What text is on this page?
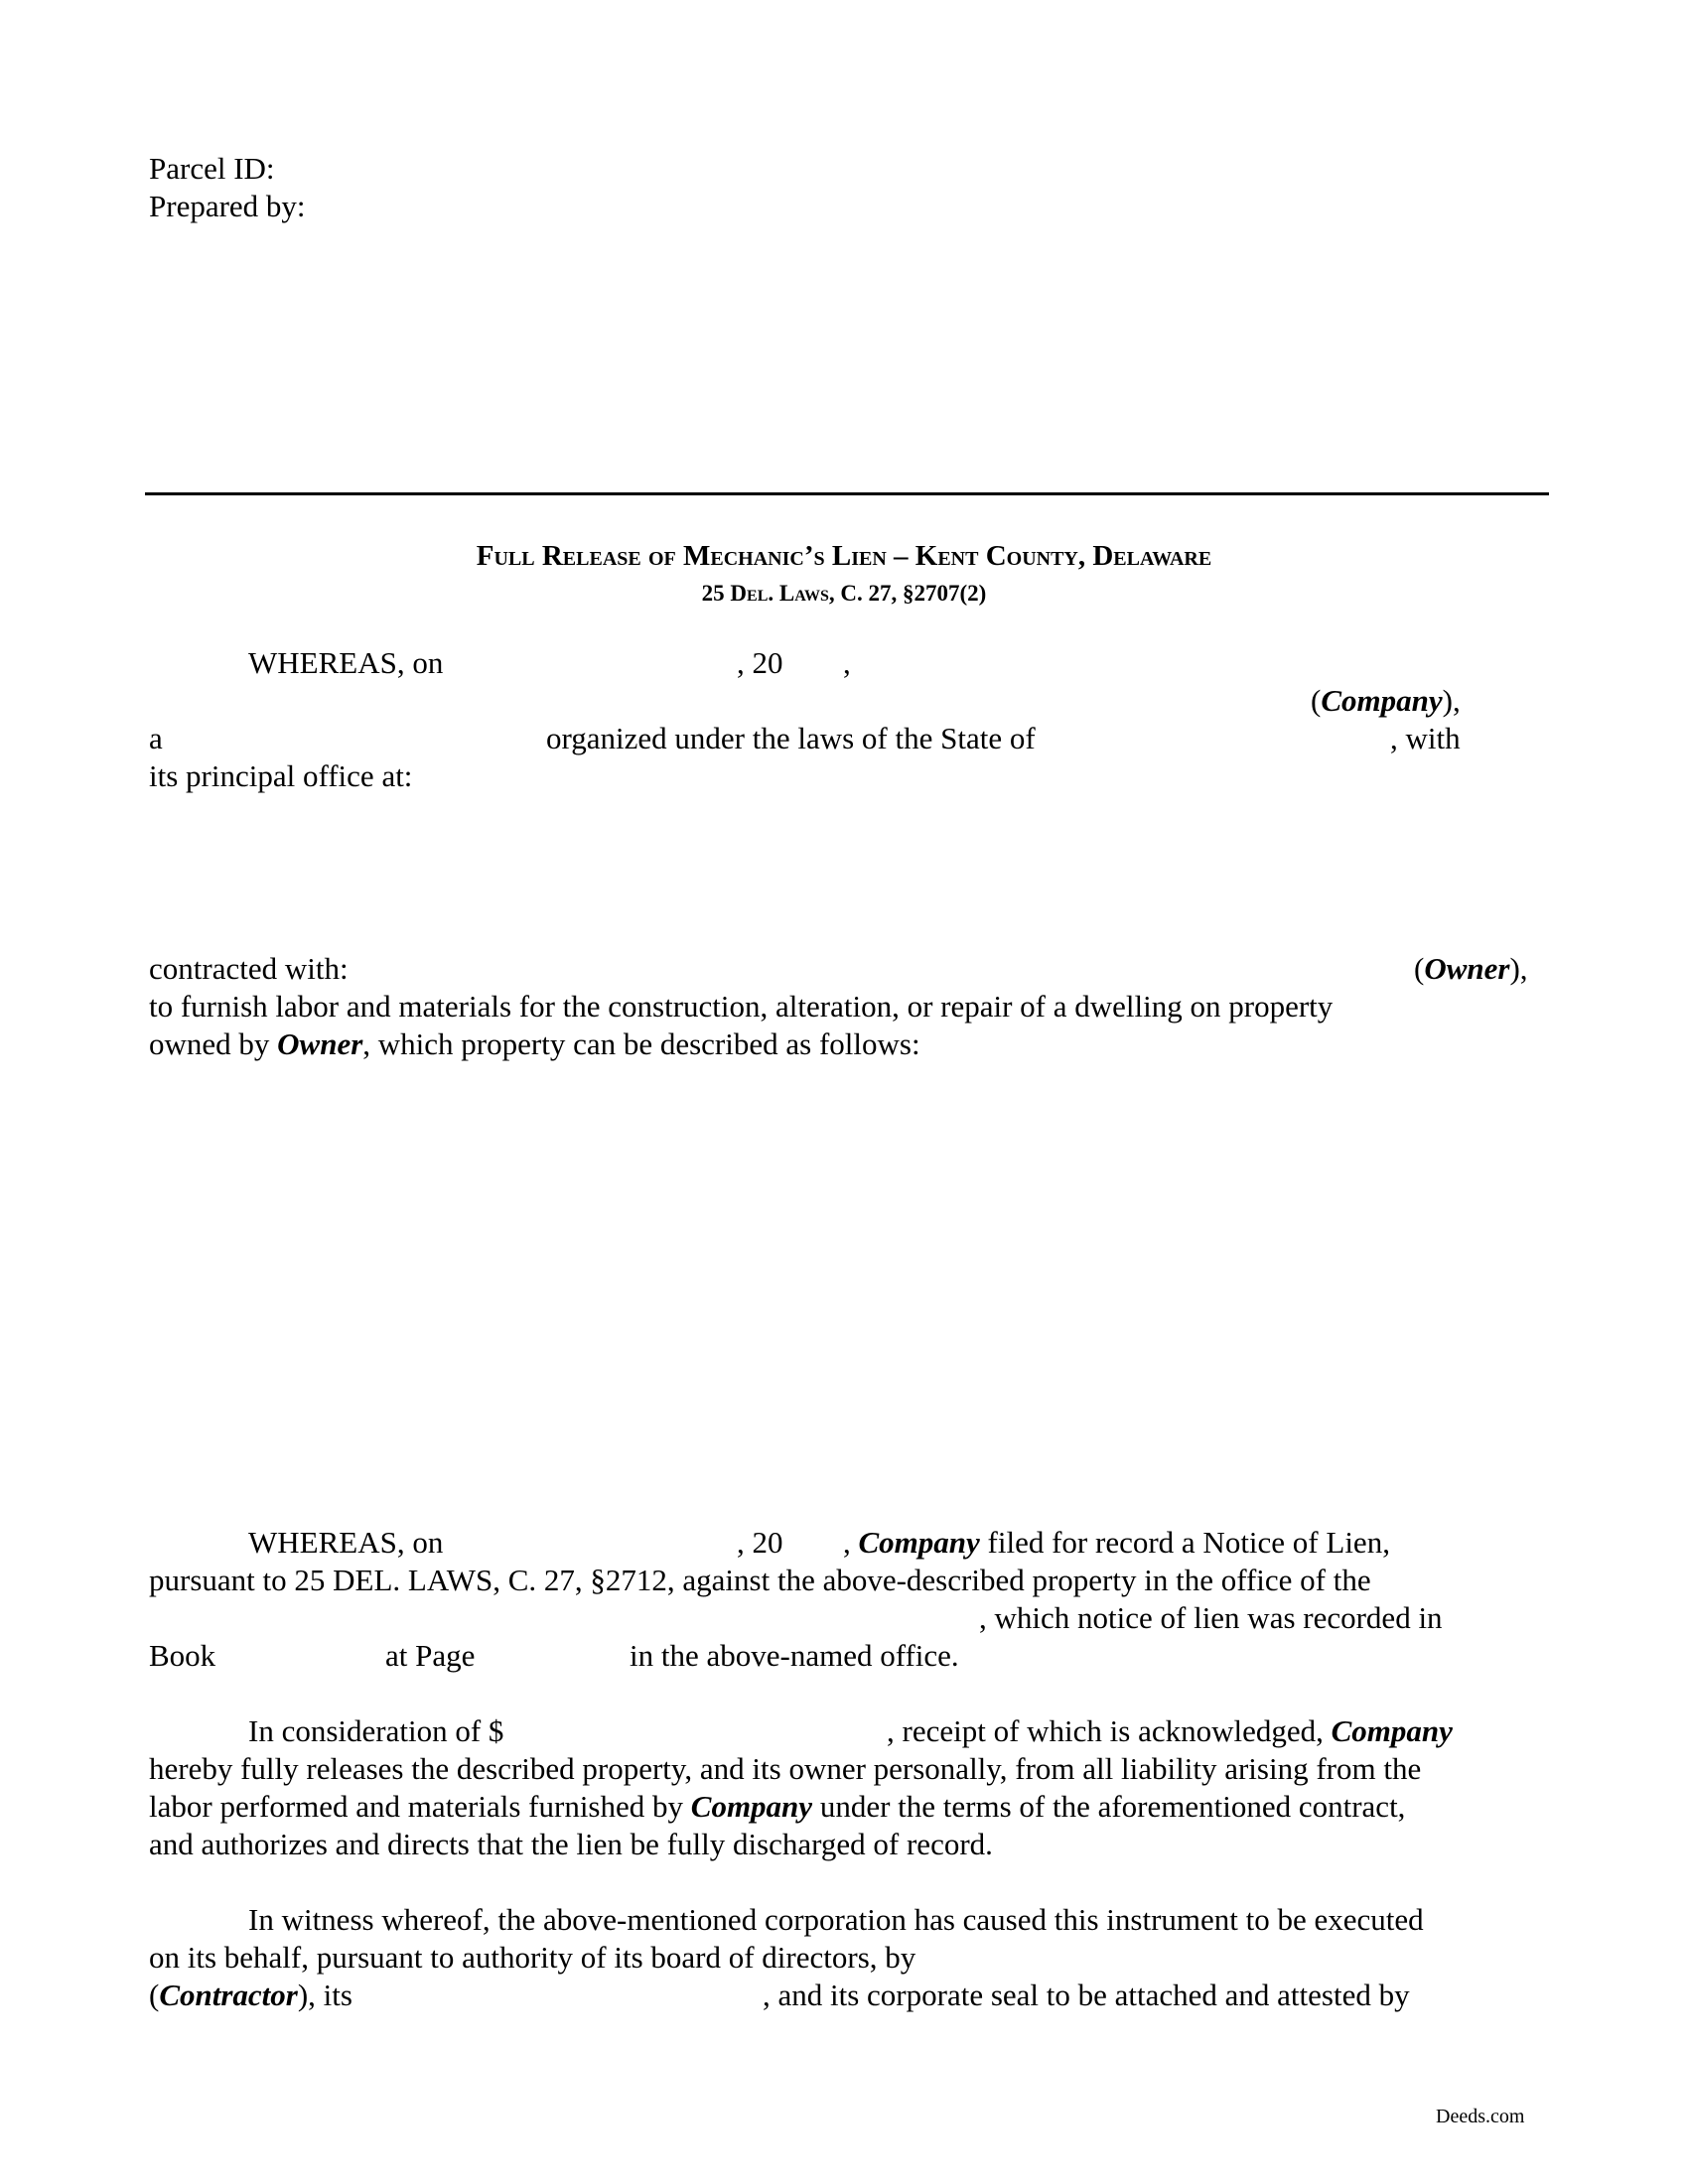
Parcel ID:
Prepared by:
Full Release of Mechanic’s Lien – Kent County, Delaware
25 Del. Laws, C. 27, §2707(2)
WHEREAS, on	, 20 ,
(Company),
a	organized under the laws of the State of	, with
its principal office at:
contracted with:	(Owner),
to furnish labor and materials for the construction, alteration, or repair of a dwelling on property
owned by Owner, which property can be described as follows:
WHEREAS, on	, 20 , Company filed for record a Notice of Lien,
pursuant to 25 DEL. LAWS, C. 27, §2712, against the above-described property in the office of the
, which notice of lien was recorded in
Book	at Page	in the above-named office.
In consideration of $	, receipt of which is acknowledged, Company
hereby fully releases the described property, and its owner personally, from all liability arising from the
labor performed and materials furnished by Company under the terms of the aforementioned contract,
and authorizes and directs that the lien be fully discharged of record.
In witness whereof, the above-mentioned corporation has caused this instrument to be executed
on its behalf, pursuant to authority of its board of directors, by
(Contractor), its	, and its corporate seal to be attached and attested by
Deeds.com
